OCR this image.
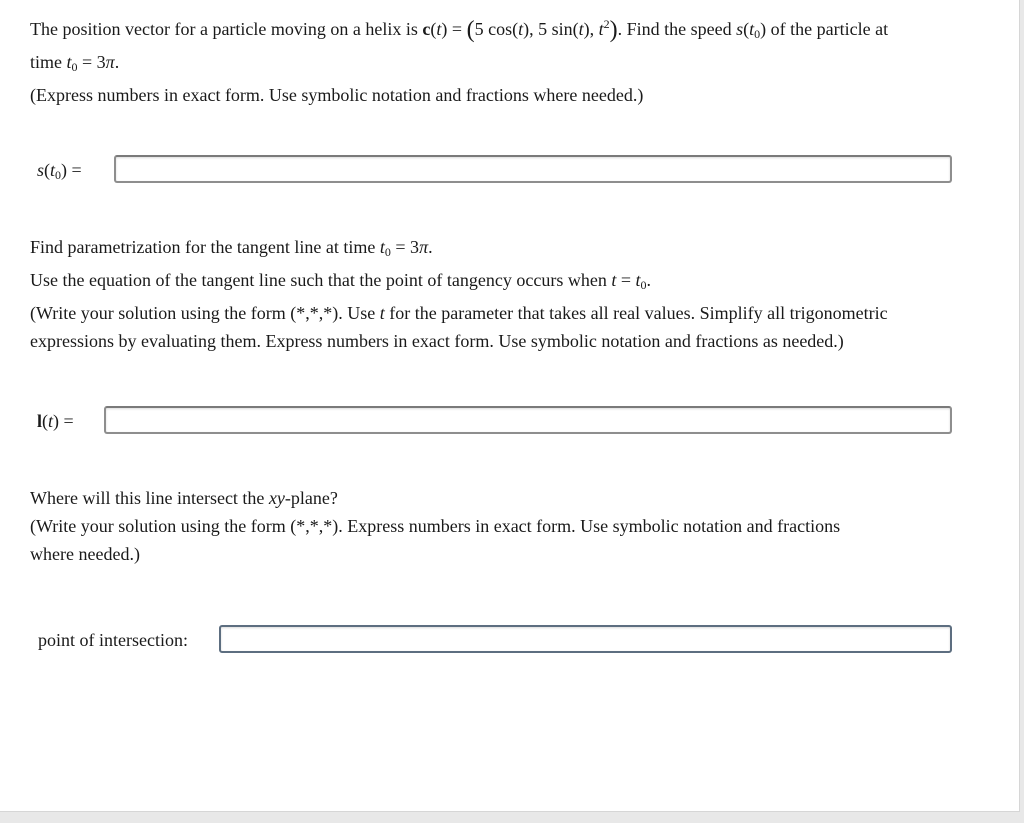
The position vector for a particle moving on a helix is c(t) = (5 cos(t), 5 sin(t), $t^2$). Find the speed $s(t_0)$ of the particle at

time $t_0 = 3\pi$.

(Express numbers in exact form. Use symbolic notation and fractions where needed.)

$s(t_0)$ =

Find parametrization for the tangent line at time $t_0 = 3\pi$.

Use the equation of the tangent line such that the point of tangency occurs when $t = t_0$.

(Write your solution using the form (*,*,*). Use t for the parameter that takes all real values. Simplify all trigonometric

expressions by evaluating them. Express numbers in exact form. Use symbolic notation and fractions as needed.)

l(t) =

Where will this line intersect the xy-plane?

(Write your solution using the form (*,*,*). Express numbers in exact form. Use symbolic notation and fractions

where needed.)

point of intersection:
